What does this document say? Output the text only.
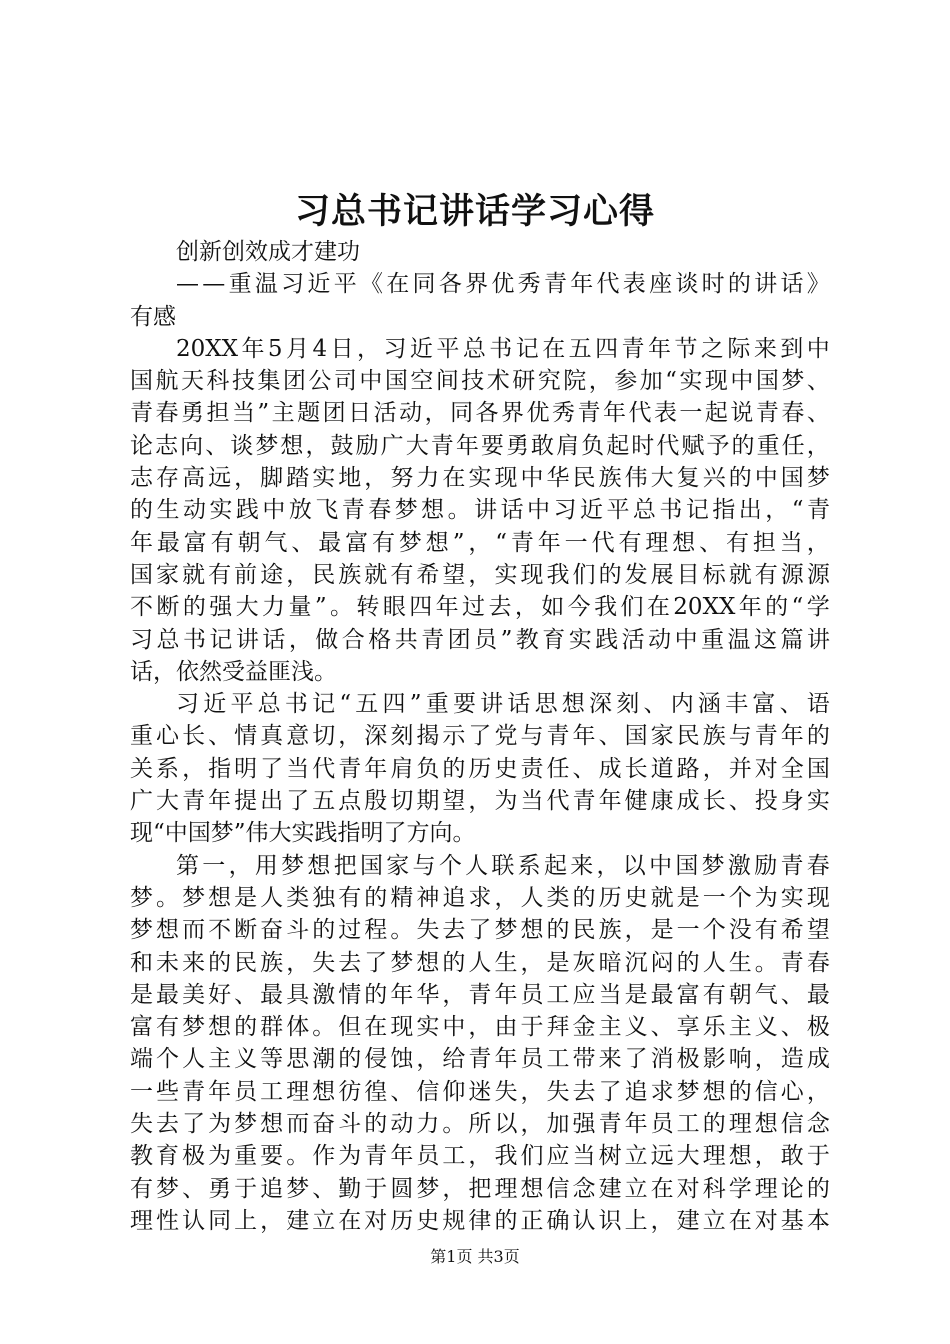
习总书记讲话学习心得
创新创效成才建功
— — 重 温 习 近 平 《 在 同 各 界 优 秀 青 年 代 表 座 谈 时 的 讲 话 》
有感
20XX 年 5 月 4 日 ， 习 近 平 总 书 记 在 五 四 青 年 节 之 际 来 到 中
国 航 天 科 技 集 团 公 司 中 国 空 间 技 术 研 究 院 ， 参 加 “ 实 现 中 国 梦 、
青 春 勇 担 当 ” 主 题 团 日 活 动 ， 同 各 界 优 秀 青 年 代 表 一 起 说 青 春 、
论 志 向 、 谈 梦 想 ， 鼓 励 广 大 青 年 要 勇 敢 肩 负 起 时 代 赋 予 的 重 任 ，
志 存 高 远 ， 脚 踏 实 地 ， 努 力 在 实 现 中 华 民 族 伟 大 复 兴 的 中 国 梦
的 生 动 实 践 中 放 飞 青 春 梦 想 。 讲 话 中 习 近 平 总 书 记 指 出 ， “ 青
年 最 富 有 朝 气 、 最 富 有 梦 想 ” ， “ 青 年 一 代 有 理 想 、 有 担 当 ，
国 家 就 有 前 途 ， 民 族 就 有 希 望 ， 实 现 我 们 的 发 展 目 标 就 有 源 源
不 断 的 强 大 力 量 ” 。 转 眼 四 年 过 去 ， 如 今 我 们 在 20XX 年 的 “ 学
习 总 书 记 讲 话 ， 做 合 格 共 青 团 员 ” 教 育 实 践 活 动 中 重 温 这 篇 讲
话，依然受益匪浅。
习 近 平 总 书 记 “ 五 四 ” 重 要 讲 话 思 想 深 刻 、 内 涵 丰 富 、 语
重 心 长 、 情 真 意 切 ， 深 刻 揭 示 了 党 与 青 年 、 国 家 民 族 与 青 年 的
关 系 ， 指 明 了 当 代 青 年 肩 负 的 历 史 责 任 、 成 长 道 路 ， 并 对 全 国
广 大 青 年 提 出 了 五 点 殷 切 期 望 ， 为 当 代 青 年 健 康 成 长 、 投 身 实
现“中国梦”伟大实践指明了方向。
第 一 ， 用 梦 想 把 国 家 与 个 人 联 系 起 来 ， 以 中 国 梦 激 励 青 春
梦 。 梦 想 是 人 类 独 有 的 精 神 追 求 ， 人 类 的 历 史 就 是 一 个 为 实 现
梦 想 而 不 断 奋 斗 的 过 程 。 失 去 了 梦 想 的 民 族 ， 是 一 个 没 有 希 望
和 未 来 的 民 族 ， 失 去 了 梦 想 的 人 生 ， 是 灰 暗 沉 闷 的 人 生 。 青 春
是 最 美 好 、 最 具 激 情 的 年 华 ， 青 年 员 工 应 当 是 最 富 有 朝 气 、 最
富 有 梦 想 的 群 体 。 但 在 现 实 中 ， 由 于 拜 金 主 义 、 享 乐 主 义 、 极
端 个 人 主 义 等 思 潮 的 侵 蚀 ， 给 青 年 员 工 带 来 了 消 极 影 响 ， 造 成
一 些 青 年 员 工 理 想 彷 徨 、 信 仰 迷 失 ， 失 去 了 追 求 梦 想 的 信 心 ，
失 去 了 为 梦 想 而 奋 斗 的 动 力 。 所 以 ， 加 强 青 年 员 工 的 理 想 信 念
教 育 极 为 重 要 。 作 为 青 年 员 工 ， 我 们 应 当 树 立 远 大 理 想 ， 敢 于
有 梦 、 勇 于 追 梦 、 勤 于 圆 梦 ， 把 理 想 信 念 建 立 在 对 科 学 理 论 的
理 性 认 同 上 ， 建 立 在 对 历 史 规 律 的 正 确 认 识 上 ， 建 立 在 对 基 本
第1页 共3页
